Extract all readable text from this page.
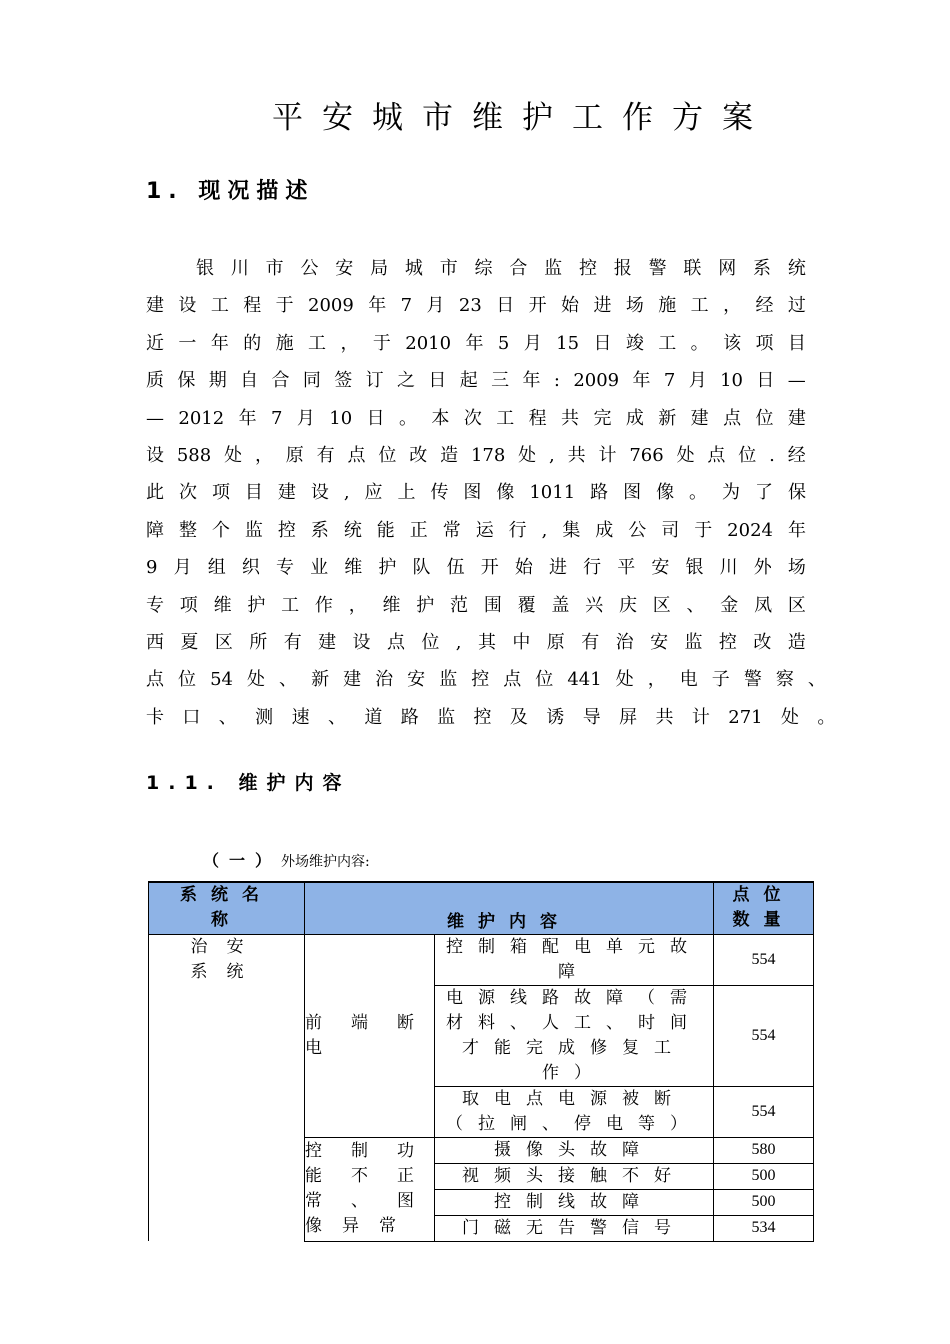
平安城市维护工作方案
1. 现况描述
银 川 市 公 安 局 城 市 综 合 监 控 报 警 联 网 系 统
建 设 工 程 于 2009 年 7 月 23 日 开 始 进 场 施 工 ， 经 过
近 一 年 的 施 工 ， 于 2010 年 5 月 15 日 竣 工 。 该 项 目
质 保 期 自 合 同 签 订 之 日 起 三 年 : 2009 年 7 月 10 日 —
— 2012 年 7 月 10 日 。 本 次 工 程 共 完 成 新 建 点 位 建
设 588 处 ， 原 有 点 位 改 造 178 处 , 共 计 766 处 点 位 . 经
此 次 项 目 建 设 , 应 上 传 图 像 1011 路 图 像 。 为 了 保
障 整 个 监 控 系 统 能 正 常 运 行 , 集 成 公 司 于 2024 年
9 月 组 织 专 业 维 护 队 伍 开 始 进 行 平 安 银 川 外 场
专 项 维 护 工 作 ， 维 护 范 围 覆 盖 兴 庆 区 、 金 凤 区
西 夏 区 所 有 建 设 点 位 , 其 中 原 有 治 安 监 控 改 造
点 位 54 处 、 新 建 治 安 监 控 点 位 441 处 ， 电 子 警 察 、
卡 口 、 测 速 、 道 路 监 控 及 诱 导 屏 共 计 271 处 。
1.1. 维护内容
（一）外场维护内容:
系统名称	维护内容		点位数量
治安系统	前端断电	控制箱配电单元故障	554
		电源线路故障（需材料、人工、时间才能完成修复工作）	554
		取电点电源被断（拉闸、停电等）	554
	控制功能不正常、图像异常	摄像头故障	580
		视频头接触不好	500
		控制线故障	500
		门磁无告警信号	534
